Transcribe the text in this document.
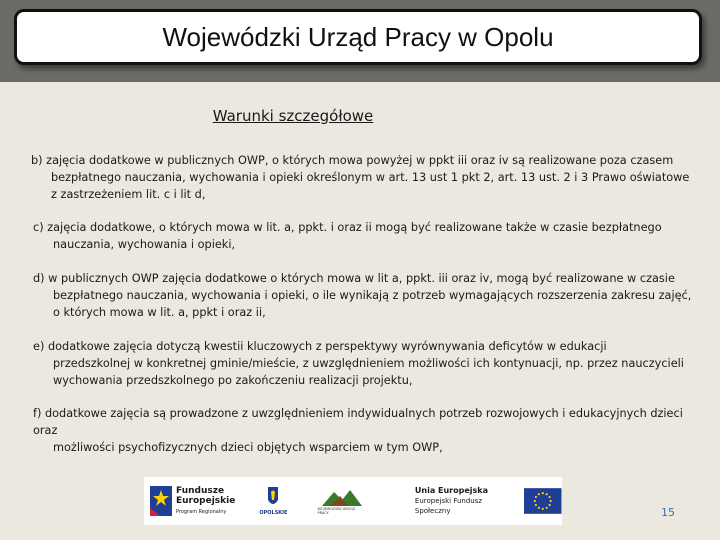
Wojewódzki Urząd Pracy w Opolu
Warunki szczegółowe
b) zajęcia dodatkowe w publicznych OWP, o których mowa powyżej w ppkt iii oraz iv są realizowane poza czasem
bezpłatnego nauczania, wychowania i opieki określonym w art. 13 ust 1 pkt 2, art. 13 ust. 2 i 3 Prawo oświatowe
z zastrzeżeniem lit. c i lit d,
c) zajęcia dodatkowe, o których mowa w lit. a, ppkt. i oraz ii mogą być realizowane także w czasie bezpłatnego
nauczania, wychowania i opieki,
d) w publicznych OWP zajęcia dodatkowe o których mowa w lit a, ppkt. iii oraz iv, mogą być realizowane w czasie
bezpłatnego nauczania, wychowania i opieki, o ile wynikają z potrzeb wymagających rozszerzenia zakresu zajęć,
o których mowa w lit. a, ppkt i oraz ii,
e) dodatkowe zajęcia dotyczą kwestii kluczowych z perspektywy wyrównywania deficytów w edukacji
przedszkolnej w konkretnej gminie/mieście, z uwzględnieniem możliwości ich kontynuacji, np. przez nauczycieli
wychowania przedszkolnego po zakończeniu realizacji projektu,
f) dodatkowe zajęcia są prowadzone z uwzględnieniem indywidualnych potrzeb rozwojowych i edukacyjnych dzieci oraz
możliwości psychofizycznych dzieci objętych wsparciem w tym OWP,
Fundusze
Europejskie
Program Regionalny	OPOLSKIE
WOJEWÓDZKI URZĄD PRACY
Unia Europejska
Europejski Fundusz Społeczny	15
